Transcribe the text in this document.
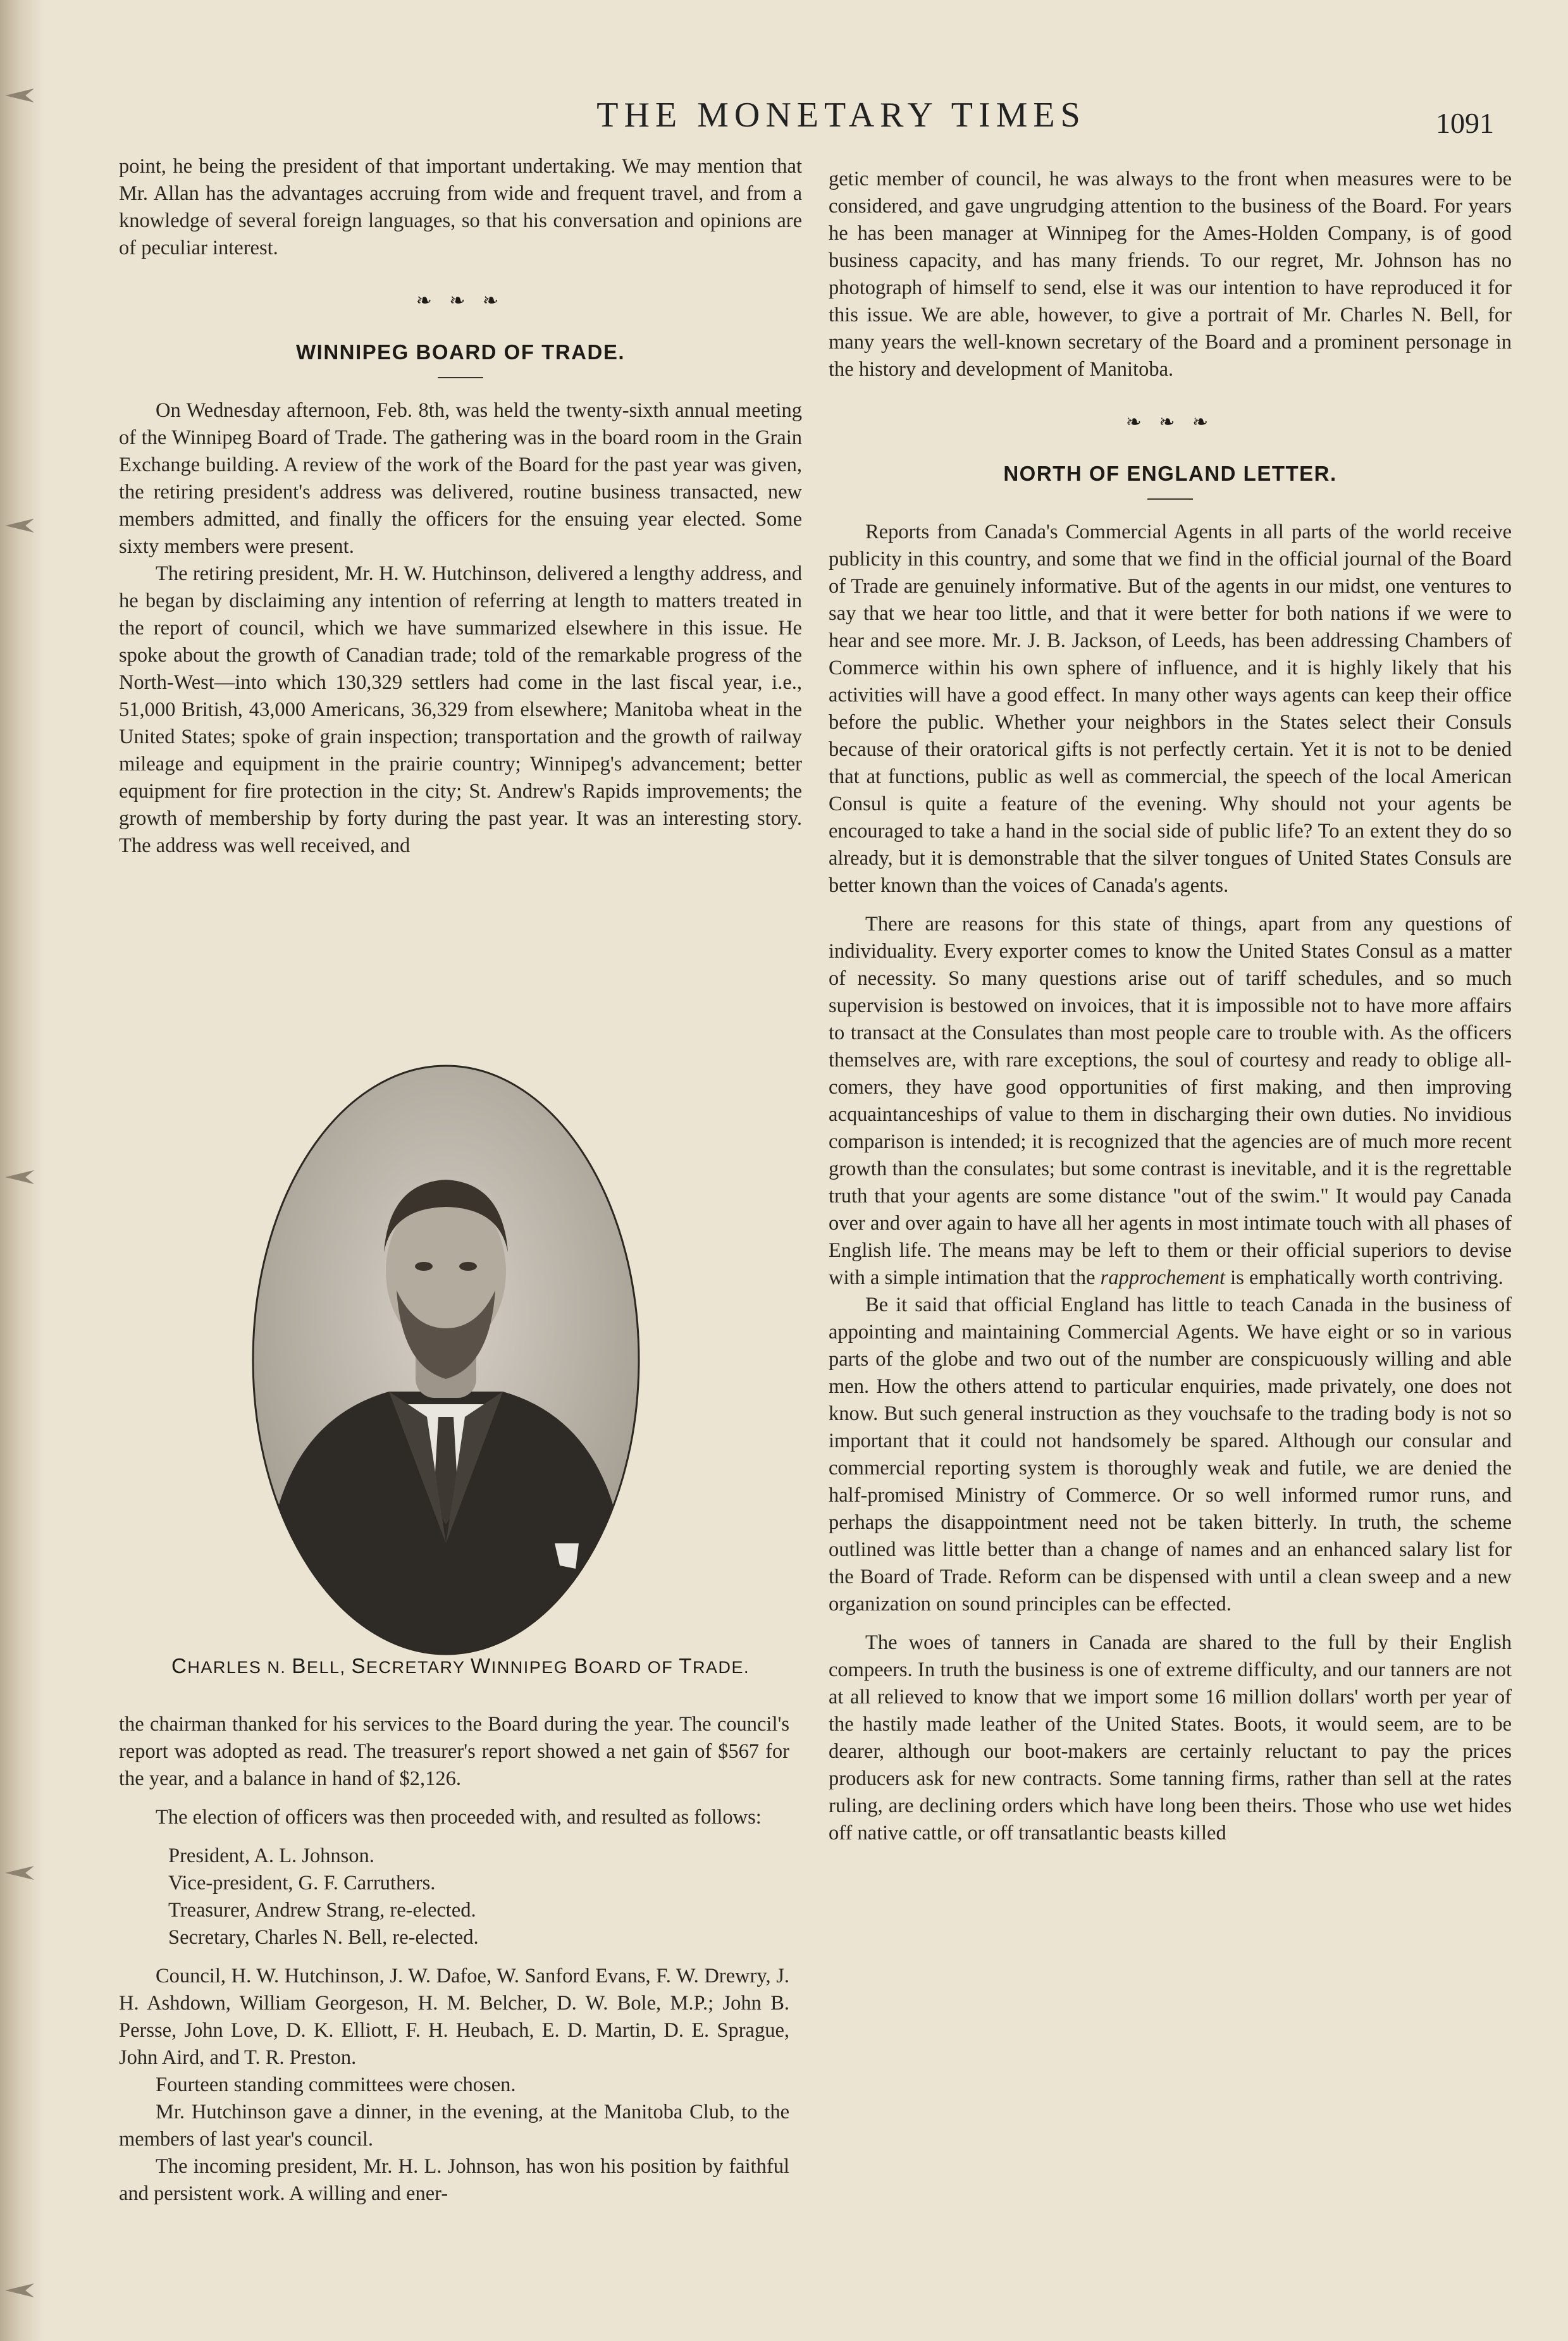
THE MONETARY TIMES	1091

point, he being the president of that important undertaking. We may mention that Mr. Allan has the advantages accruing from wide and frequent travel, and from a knowledge of several foreign languages, so that his conversation and opinions are of peculiar interest.

❧ ❧ ❧
WINNIPEG BOARD OF TRADE.

On Wednesday afternoon, Feb. 8th, was held the twenty-sixth annual meeting of the Winnipeg Board of Trade. The gathering was in the board room in the Grain Exchange building. A review of the work of the Board for the past year was given, the retiring president's address was delivered, routine business transacted, new members admitted, and finally the officers for the ensuing year elected. Some sixty members were present.

The retiring president, Mr. H. W. Hutchinson, delivered a lengthy address, and he began by disclaiming any intention of referring at length to matters treated in the report of council, which we have summarized elsewhere in this issue. He spoke about the growth of Canadian trade; told of the remarkable progress of the North-West—into which 130,329 settlers had come in the last fiscal year, i.e., 51,000 British, 43,000 Americans, 36,329 from elsewhere; Manitoba wheat in the United States; spoke of grain inspection; transportation and the growth of railway mileage and equipment in the prairie country; Winnipeg's advancement; better equipment for fire protection in the city; St. Andrew's Rapids improvements; the growth of membership by forty during the past year. It was an interesting story. The address was well received, and

CHARLES N. BELL, SECRETARY WINNIPEG BOARD OF TRADE.

the chairman thanked for his services to the Board during the year. The council's report was adopted as read. The treasurer's report showed a net gain of $567 for the year, and a balance in hand of $2,126.

The election of officers was then proceeded with, and resulted as follows:

President, A. L. Johnson.

Vice-president, G. F. Carruthers.

Treasurer, Andrew Strang, re-elected.

Secretary, Charles N. Bell, re-elected.

Council, H. W. Hutchinson, J. W. Dafoe, W. Sanford Evans, F. W. Drewry, J. H. Ashdown, William Georgeson, H. M. Belcher, D. W. Bole, M.P.; John B. Persse, John Love, D. K. Elliott, F. H. Heubach, E. D. Martin, D. E. Sprague, John Aird, and T. R. Preston.

Fourteen standing committees were chosen.

Mr. Hutchinson gave a dinner, in the evening, at the Manitoba Club, to the members of last year's council.

The incoming president, Mr. H. L. Johnson, has won his position by faithful and persistent work. A willing and ener-

getic member of council, he was always to the front when measures were to be considered, and gave ungrudging attention to the business of the Board. For years he has been manager at Winnipeg for the Ames-Holden Company, is of good business capacity, and has many friends. To our regret, Mr. Johnson has no photograph of himself to send, else it was our intention to have reproduced it for this issue. We are able, however, to give a portrait of Mr. Charles N. Bell, for many years the well-known secretary of the Board and a prominent personage in the history and development of Manitoba.

❧ ❧ ❧
NORTH OF ENGLAND LETTER.

Reports from Canada's Commercial Agents in all parts of the world receive publicity in this country, and some that we find in the official journal of the Board of Trade are genuinely informative. But of the agents in our midst, one ventures to say that we hear too little, and that it were better for both nations if we were to hear and see more. Mr. J. B. Jackson, of Leeds, has been addressing Chambers of Commerce within his own sphere of influence, and it is highly likely that his activities will have a good effect. In many other ways agents can keep their office before the public. Whether your neighbors in the States select their Consuls because of their oratorical gifts is not perfectly certain. Yet it is not to be denied that at functions, public as well as commercial, the speech of the local American Consul is quite a feature of the evening. Why should not your agents be encouraged to take a hand in the social side of public life? To an extent they do so already, but it is demonstrable that the silver tongues of United States Consuls are better known than the voices of Canada's agents.

There are reasons for this state of things, apart from any questions of individuality. Every exporter comes to know the United States Consul as a matter of necessity. So many questions arise out of tariff schedules, and so much supervision is bestowed on invoices, that it is impossible not to have more affairs to transact at the Consulates than most people care to trouble with. As the officers themselves are, with rare exceptions, the soul of courtesy and ready to oblige all-comers, they have good opportunities of first making, and then improving acquaintanceships of value to them in discharging their own duties. No invidious comparison is intended; it is recognized that the agencies are of much more recent growth than the consulates; but some contrast is inevitable, and it is the regrettable truth that your agents are some distance "out of the swim." It would pay Canada over and over again to have all her agents in most intimate touch with all phases of English life. The means may be left to them or their official superiors to devise with a simple intimation that the rapprochement is emphatically worth contriving.

Be it said that official England has little to teach Canada in the business of appointing and maintaining Commercial Agents. We have eight or so in various parts of the globe and two out of the number are conspicuously willing and able men. How the others attend to particular enquiries, made privately, one does not know. But such general instruction as they vouchsafe to the trading body is not so important that it could not handsomely be spared. Although our consular and commercial reporting system is thoroughly weak and futile, we are denied the half-promised Ministry of Commerce. Or so well informed rumor runs, and perhaps the disappointment need not be taken bitterly. In truth, the scheme outlined was little better than a change of names and an enhanced salary list for the Board of Trade. Reform can be dispensed with until a clean sweep and a new organization on sound principles can be effected.

The woes of tanners in Canada are shared to the full by their English compeers. In truth the business is one of extreme difficulty, and our tanners are not at all relieved to know that we import some 16 million dollars' worth per year of the hastily made leather of the United States. Boots, it would seem, are to be dearer, although our boot-makers are certainly reluctant to pay the prices producers ask for new contracts. Some tanning firms, rather than sell at the rates ruling, are declining orders which have long been theirs. Those who use wet hides off native cattle, or off transatlantic beasts killed
